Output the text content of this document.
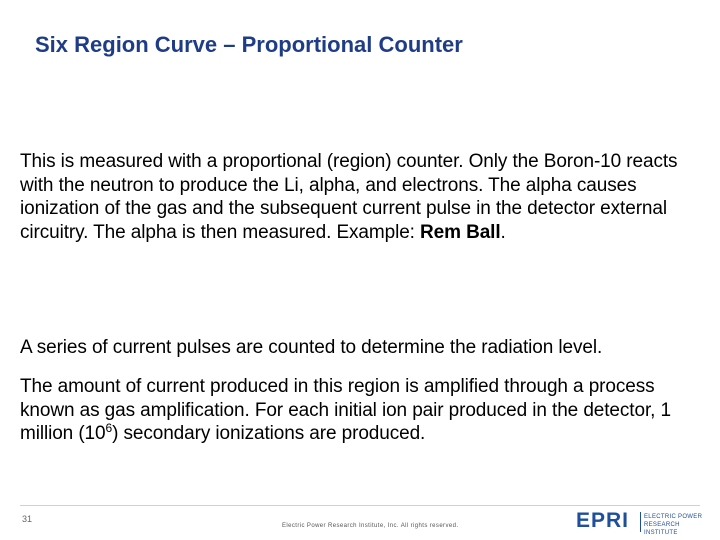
Six Region Curve – Proportional Counter

This is measured with a proportional (region) counter. Only the Boron-10 reacts with the neutron to produce the Li, alpha, and electrons. The alpha causes ionization of the gas and the subsequent current pulse in the detector external circuitry. The alpha is then measured. Example: Rem Ball.

A series of current pulses are counted to determine the radiation level.

The amount of current produced in this region is amplified through a process known as gas amplification. For each initial ion pair produced in the detector, 1 million $(10^6)$ secondary ionizations are produced.

31
Electric Power Research Institute, Inc. All rights reserved.	EPRI ELECTRIC POWER
RESEARCH INSTITUTE
